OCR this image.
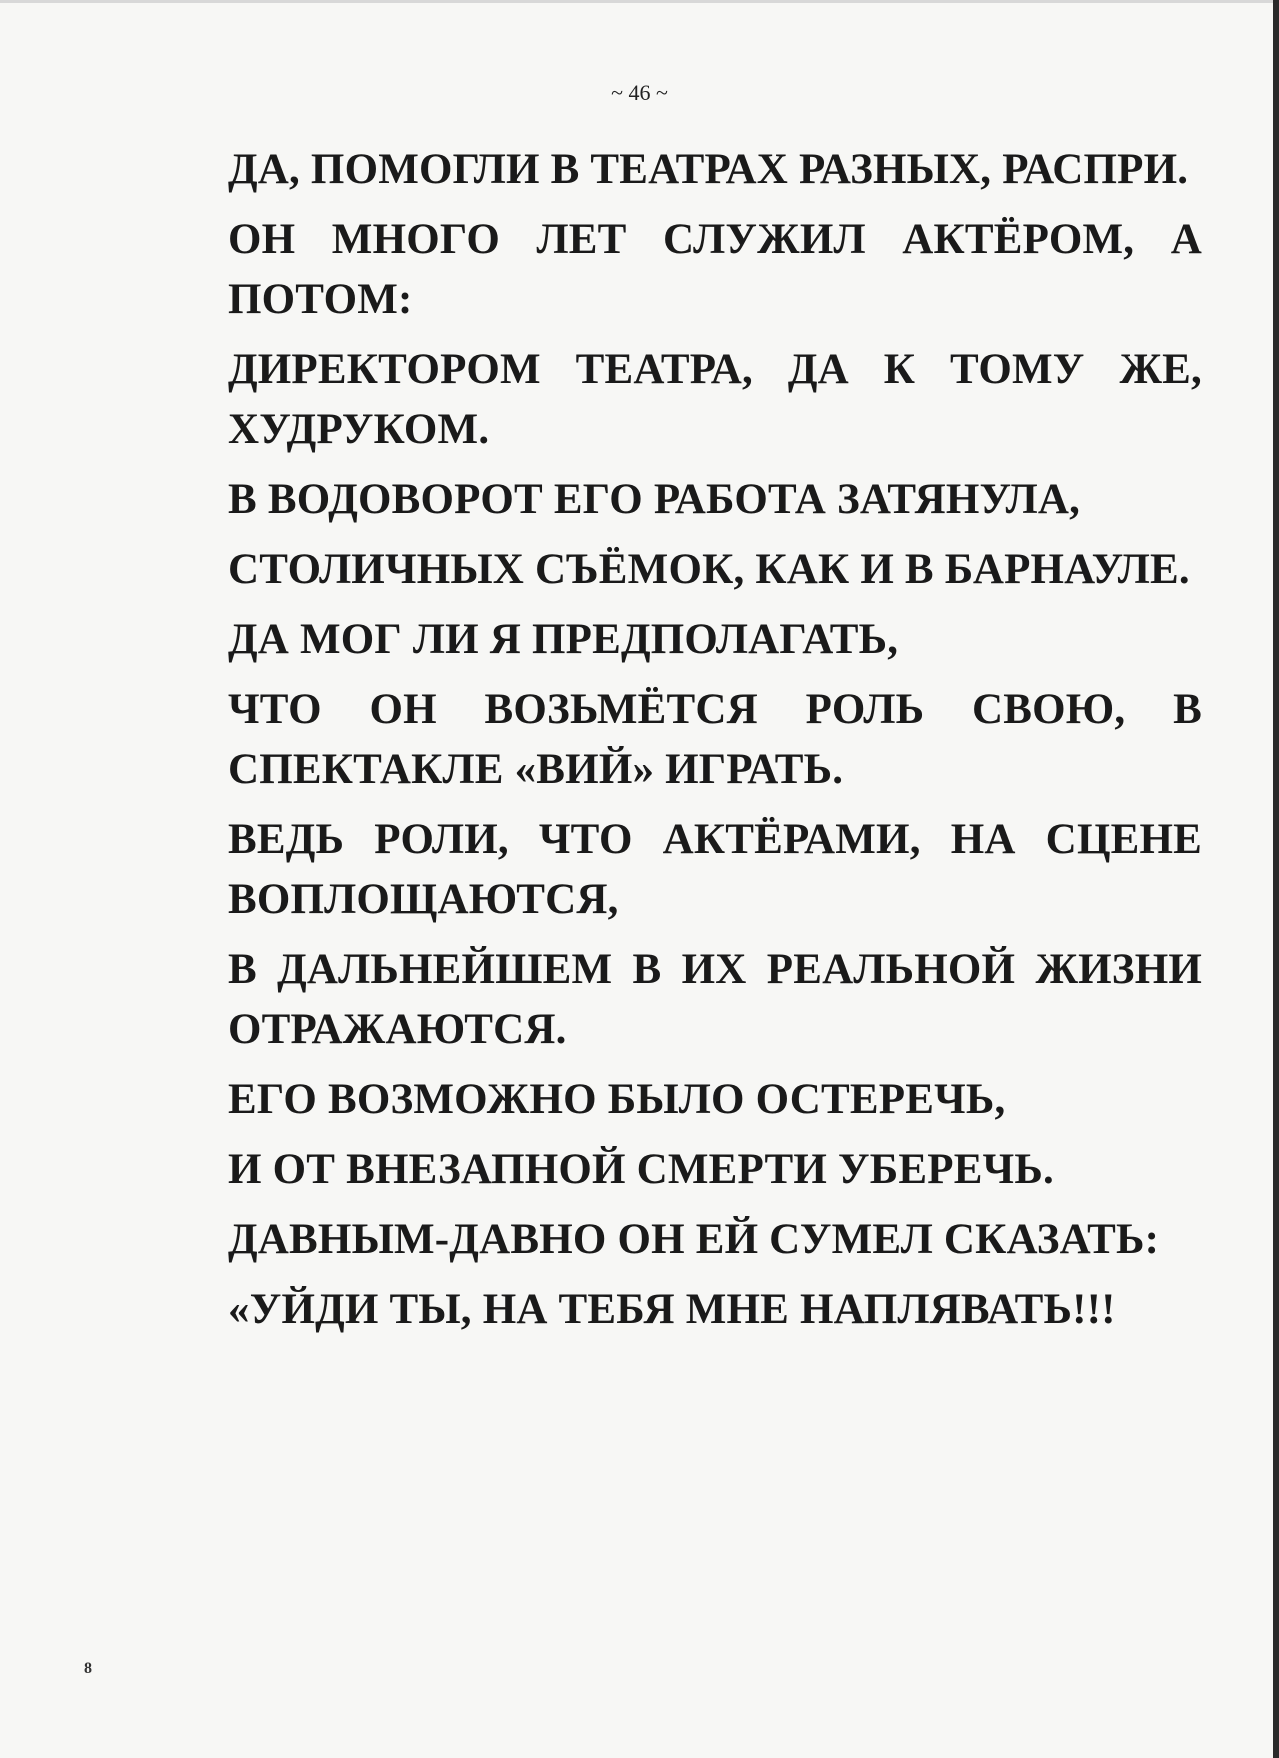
~ 46 ~

ДА, ПОМОГЛИ В ТЕАТРАХ РАЗНЫХ, РАСПРИ.

ОН МНОГО ЛЕТ СЛУЖИЛ АКТЁРОМ, А ПОТОМ:

ДИРЕКТОРОМ ТЕАТРА, ДА К ТОМУ ЖЕ, ХУДРУКОМ.

В ВОДОВОРОТ ЕГО РАБОТА ЗАТЯНУЛА,

СТОЛИЧНЫХ СЪЁМОК, КАК И В БАРНАУЛЕ.

ДА МОГ ЛИ Я ПРЕДПОЛАГАТЬ,

ЧТО ОН ВОЗЬМЁТСЯ РОЛЬ СВОЮ, В СПЕКТАКЛЕ «ВИЙ» ИГРАТЬ.

ВЕДЬ РОЛИ, ЧТО АКТЁРАМИ, НА СЦЕНЕ ВОПЛОЩАЮТСЯ,

В ДАЛЬНЕЙШЕМ В ИХ РЕАЛЬНОЙ ЖИЗНИ ОТРАЖАЮТСЯ.

ЕГО ВОЗМОЖНО БЫЛО ОСТЕРЕЧЬ,

И ОТ ВНЕЗАПНОЙ СМЕРТИ УБЕРЕЧЬ.

ДАВНЫМ-ДАВНО ОН ЕЙ СУМЕЛ СКАЗАТЬ:

«УЙДИ ТЫ, НА ТЕБЯ МНЕ НАПЛЯВАТЬ!!!

8
